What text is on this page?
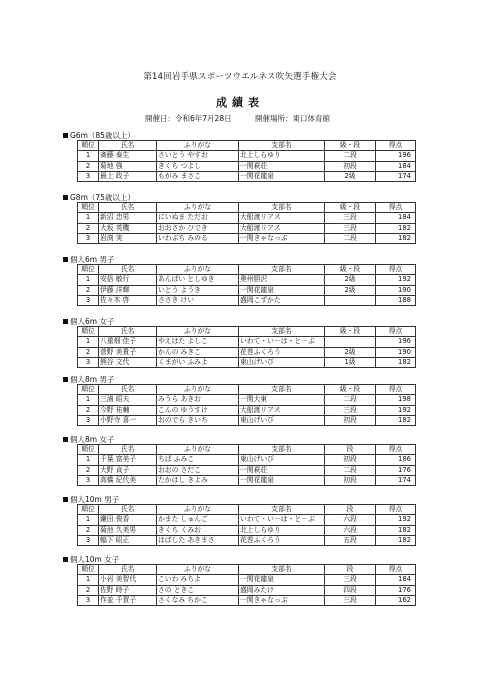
第14回岩手県スポーツウエルネス吹矢選手権大会
成績表
開催日：令和6年7月28日	開催場所：東口体育館
G6m（85歳以上）
順位	氏名	ふりがな	支部名	級・段	得点
1	斎藤 泰生	さいとう やすお	北上しらゆり	二段	196
2	菊地 強	きくち つよし	一関萩荘	初段	184
3	最上 政子	もがみ まさこ	一関花龍泉	2級	174
G8m（75歳以上）
順位	氏名	ふりがな	支部名	級・段	得点
1	新沼 忠男	にいぬま ただお	大船渡リアス	三段	184
2	大坂 英機	おおさか ひでき	大船渡リアス	三段	182
3	岩渕 実	いわぶち みのる	一関きゃなっぶ	二段	182
個人6m 男子
順位	氏名	ふりがな	支部名	級・段	得点
1	安倍 敏行	あんばい としゆき	奥州胆沢	2級	192
2	伊藤 洋輝	いとう ようき	一関花龍泉	2級	190
3	佐々木 啓	ささき けい	盛岡こずかた		188
個人6m 女子
順位	氏名	ふりがな	支部名	級・段	得点
1	八重畑 佳子	やえはた よしこ	いわて・い－は・と－ぶ		196
2	菅野 美貴子	かんの みきこ	花巻ふくろう	2級	190
3	熊谷 文代	くまがい ふみよ	東山げいび	1級	182
個人8m 男子
順位	氏名	ふりがな	支部名	級・段	得点
1	三浦 昭夫	みうら あきお	一関大東	二段	198
2	今野 祐輔	こんの ゆうすけ	大船渡リアス	三段	192
3	小野寺 喜一	おのでら きいち	東山げいび	初段	182
個人8m 女子
順位	氏名	ふりがな	支部名	段	得点
1	千葉 富美子	ちば ふみこ	東山げいび	初段	186
2	大野 貞子	おおの さだこ	一関萩荘	二段	176
3	高橋 紀代美	たかはし きよみ	一関花龍泉	初段	174
個人10m 男子
順位	氏名	ふりがな	支部名	段	得点
1	鎌田 俊香	かまた しゅんご	いわて・い－は・と－ぶ	六段	192
2	菊池 久美男	きくち くみお	北上しらゆり	六段	182
3	幅下 昭正	はばした あきまさ	花巻ふくろう	五段	182
個人10m 女子
順位	氏名	ふりがな	支部名	段	得点
1	小岩 美智代	こいわ みちよ	一関花龍泉	三段	184
2	佐野 時子	さの ときこ	盛岡みたけ	四段	176
3	作並 千賀子	さくなみ ちかこ	一関きゃなっぶ	三段	162
